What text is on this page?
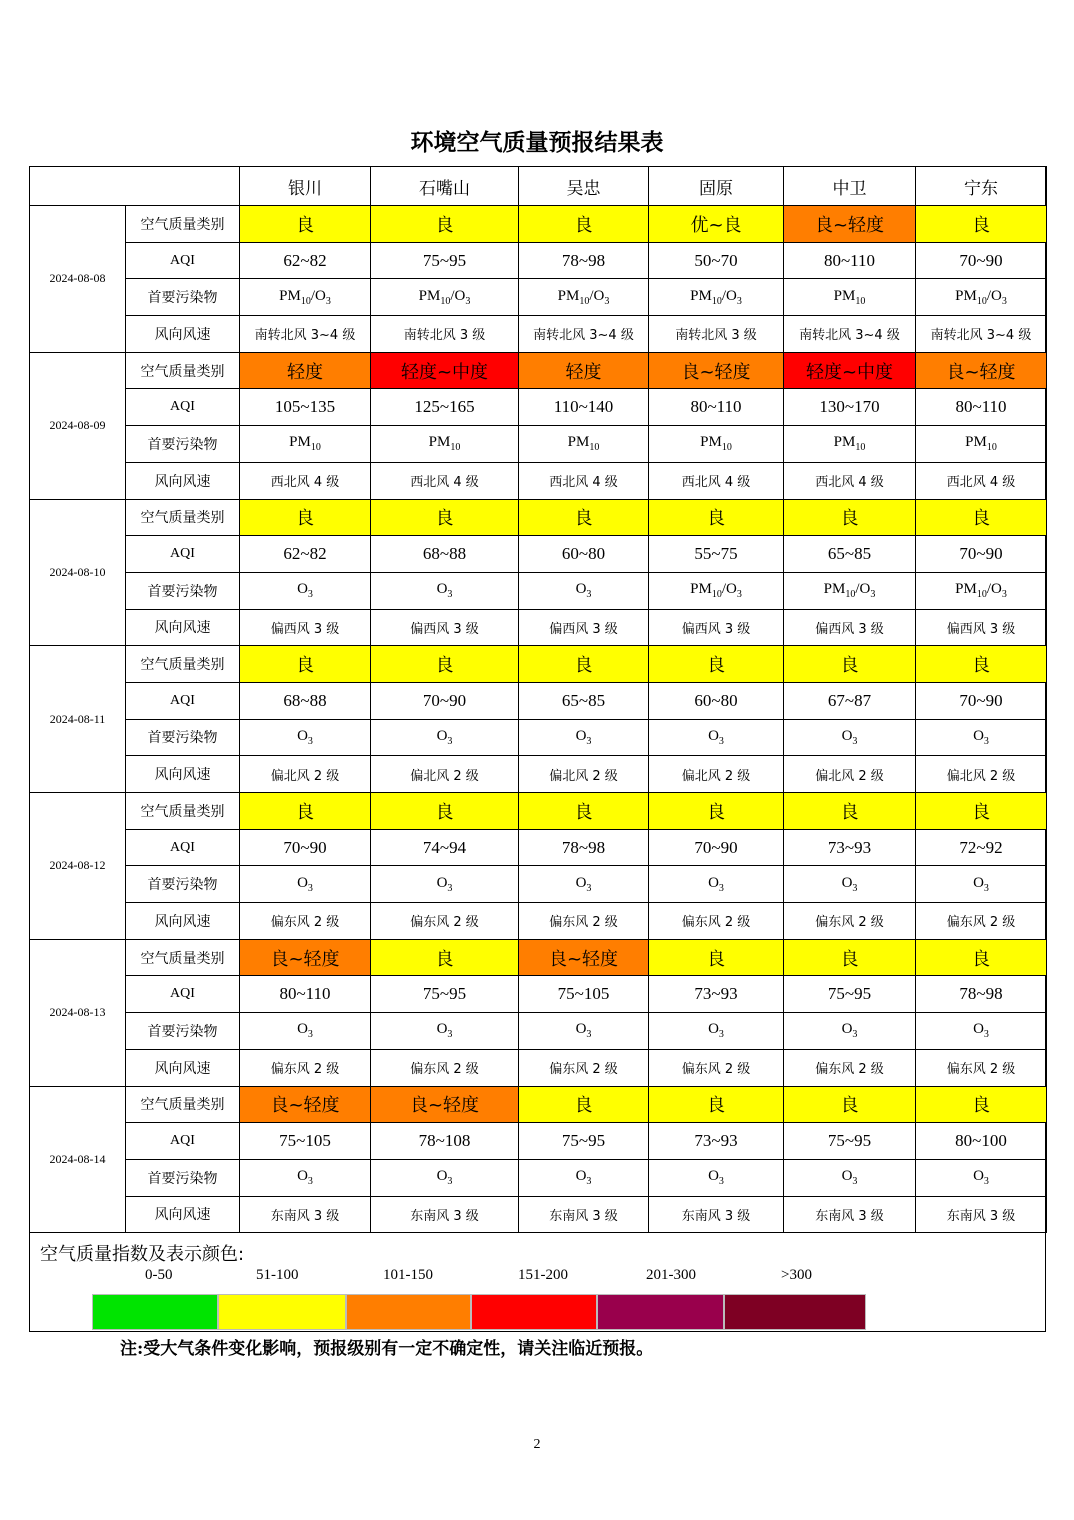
环境空气质量预报结果表
		银川	石嘴山	吴忠	固原	中卫	宁东
2024-08-08	空气质量类别	良	良	良	优~良	良~轻度	良
	AQI	62~82	75~95	78~98	50~70	80~110	70~90
	首要污染物	$PM_{10}/O_3$	$PM_{10}/O_3$	$PM_{10}/O_3$	$PM_{10}/O_3$	$PM_{10}$	$PM_{10}/O_3$
	风向风速	南转北风 3~4 级	南转北风 3 级	南转北风 3~4 级	南转北风 3 级	南转北风 3~4 级	南转北风 3~4 级
2024-08-09	空气质量类别	轻度	轻度~中度	轻度	良~轻度	轻度~中度	良~轻度
	AQI	105~135	125~165	110~140	80~110	130~170	80~110
	首要污染物	$PM_{10}$	$PM_{10}$	$PM_{10}$	$PM_{10}$	$PM_{10}$	$PM_{10}$
	风向风速	西北风 4 级	西北风 4 级	西北风 4 级	西北风 4 级	西北风 4 级	西北风 4 级
2024-08-10	空气质量类别	良	良	良	良	良	良
	AQI	62~82	68~88	60~80	55~75	65~85	70~90
	首要污染物	$O_3$	$O_3$	$O_3$	$PM_{10}/O_3$	$PM_{10}/O_3$	$PM_{10}/O_3$
	风向风速	偏西风 3 级	偏西风 3 级	偏西风 3 级	偏西风 3 级	偏西风 3 级	偏西风 3 级
2024-08-11	空气质量类别	良	良	良	良	良	良
	AQI	68~88	70~90	65~85	60~80	67~87	70~90
	首要污染物	$O_3$	$O_3$	$O_3$	$O_3$	$O_3$	$O_3$
	风向风速	偏北风 2 级	偏北风 2 级	偏北风 2 级	偏北风 2 级	偏北风 2 级	偏北风 2 级
2024-08-12	空气质量类别	良	良	良	良	良	良
	AQI	70~90	74~94	78~98	70~90	73~93	72~92
	首要污染物	$O_3$	$O_3$	$O_3$	$O_3$	$O_3$	$O_3$
	风向风速	偏东风 2 级	偏东风 2 级	偏东风 2 级	偏东风 2 级	偏东风 2 级	偏东风 2 级
2024-08-13	空气质量类别	良~轻度	良	良~轻度	良	良	良
	AQI	80~110	75~95	75~105	73~93	75~95	78~98
	首要污染物	$O_3$	$O_3$	$O_3$	$O_3$	$O_3$	$O_3$
	风向风速	偏东风 2 级	偏东风 2 级	偏东风 2 级	偏东风 2 级	偏东风 2 级	偏东风 2 级
2024-08-14	空气质量类别	良~轻度	良~轻度	良	良	良	良
	AQI	75~105	78~108	75~95	73~93	75~95	80~100
	首要污染物	$O_3$	$O_3$	$O_3$	$O_3$	$O_3$	$O_3$
	风向风速	东南风 3 级	东南风 3 级	东南风 3 级	东南风 3 级	东南风 3 级	东南风 3 级
空气质量指数及表示颜色:
0-50	51-100	101-150	151-200	201-300	>300
注:受大气条件变化影响，预报级别有一定不确定性，请关注临近预报。
2
